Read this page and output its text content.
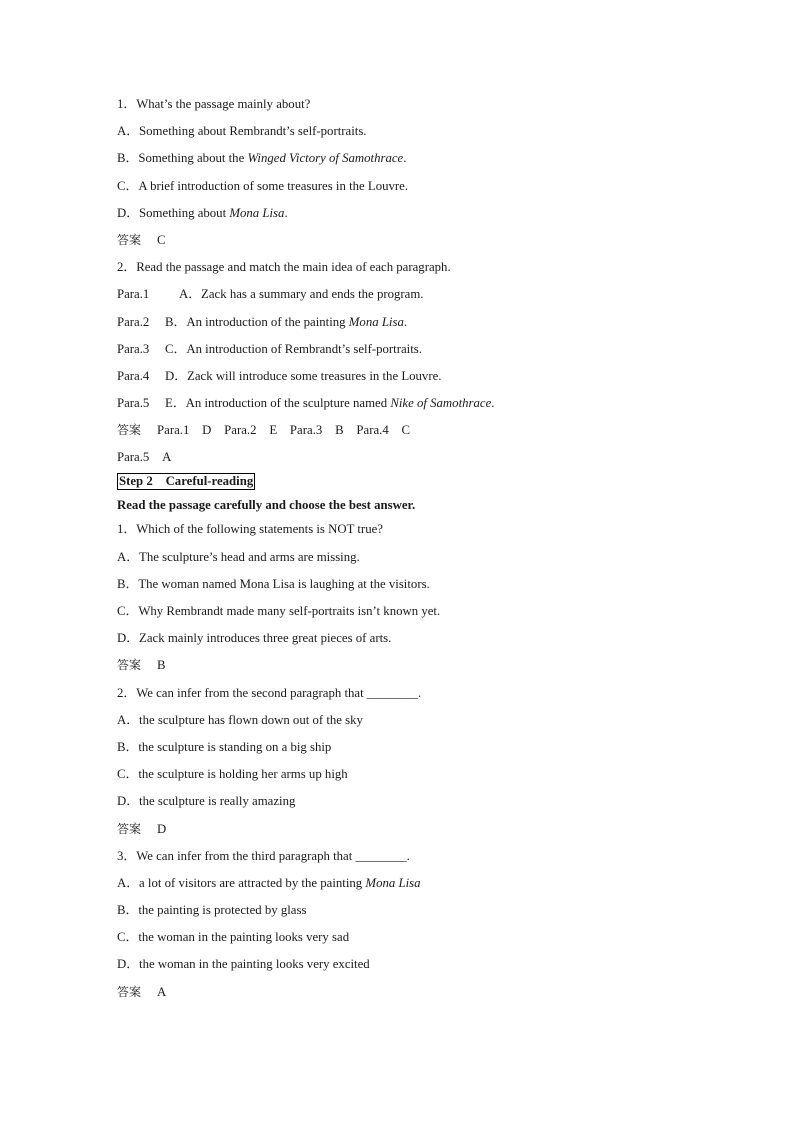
1．What’s the passage mainly about?
A．Something about Rembrandt’s self-portraits.
B．Something about the Winged Victory of Samothrace.
C．A brief introduction of some treasures in the Louvre.
D．Something about Mona Lisa.
答案　 C
2．Read the passage and match the main idea of each paragraph.
Para.1 A．Zack has a summary and ends the program.
Para.2 B．An introduction of the painting Mona Lisa.
Para.3 C．An introduction of Rembrandt’s self-portraits.
Para.4 D．Zack will introduce some treasures in the Louvre.
Para.5 E．An introduction of the sculpture named Nike of Samothrace.
答案　 Para.1　D　Para.2　E　Para.3　B　Para.4　C
Para.5　A
Step 2　Careful-reading
Read the passage carefully and choose the best answer.
1．Which of the following statements is NOT true?
A．The sculpture’s head and arms are missing.
B．The woman named Mona Lisa is laughing at the visitors.
C．Why Rembrandt made many self-portraits isn’t known yet.
D．Zack mainly introduces three great pieces of arts.
答案　 B
2．We can infer from the second paragraph that ________.
A．the sculpture has flown down out of the sky
B．the sculpture is standing on a big ship
C．the sculpture is holding her arms up high
D．the sculpture is really amazing
答案　 D
3．We can infer from the third paragraph that ________.
A．a lot of visitors are attracted by the painting Mona Lisa
B．the painting is protected by glass
C．the woman in the painting looks very sad
D．the woman in the painting looks very excited
答案　 A
